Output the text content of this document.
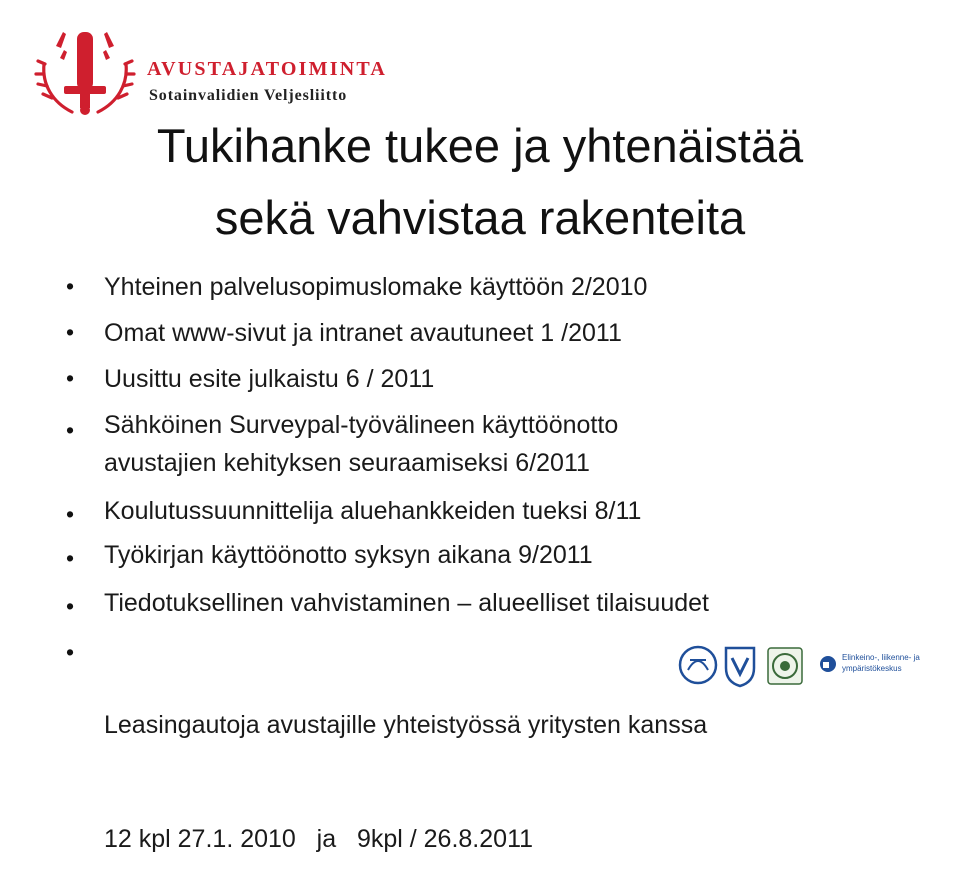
AVUSTAJATOIMINTA
Sotainvalidien Veljesliitto
Tukihanke tukee ja yhtenäistää
sekä vahvistaa rakenteita
• Yhteinen palvelusopimuslomake käyttöön 2/2010
• Omat www-sivut ja intranet avautuneet 1 /2011
• Uusittu esite julkaistu 6 / 2011
• Sähköinen Surveypal-työvälineen käyttöönotto
avustajien kehityksen seuraamiseksi 6/2011
• Koulutussuunnittelija aluehankkeiden tueksi 8/11
• Työkirjan käyttöönotto syksyn aikana 9/2011
• Tiedotuksellinen vahvistaminen – alueelliset tilaisuudet
•

Leasingautoja avustajille yhteistyössä yritysten kanssa

12 kpl 27.1. 2010   ja   9kpl / 26.8.2011

Elinkeino-, liikenne- ja
ympäristökeskus
